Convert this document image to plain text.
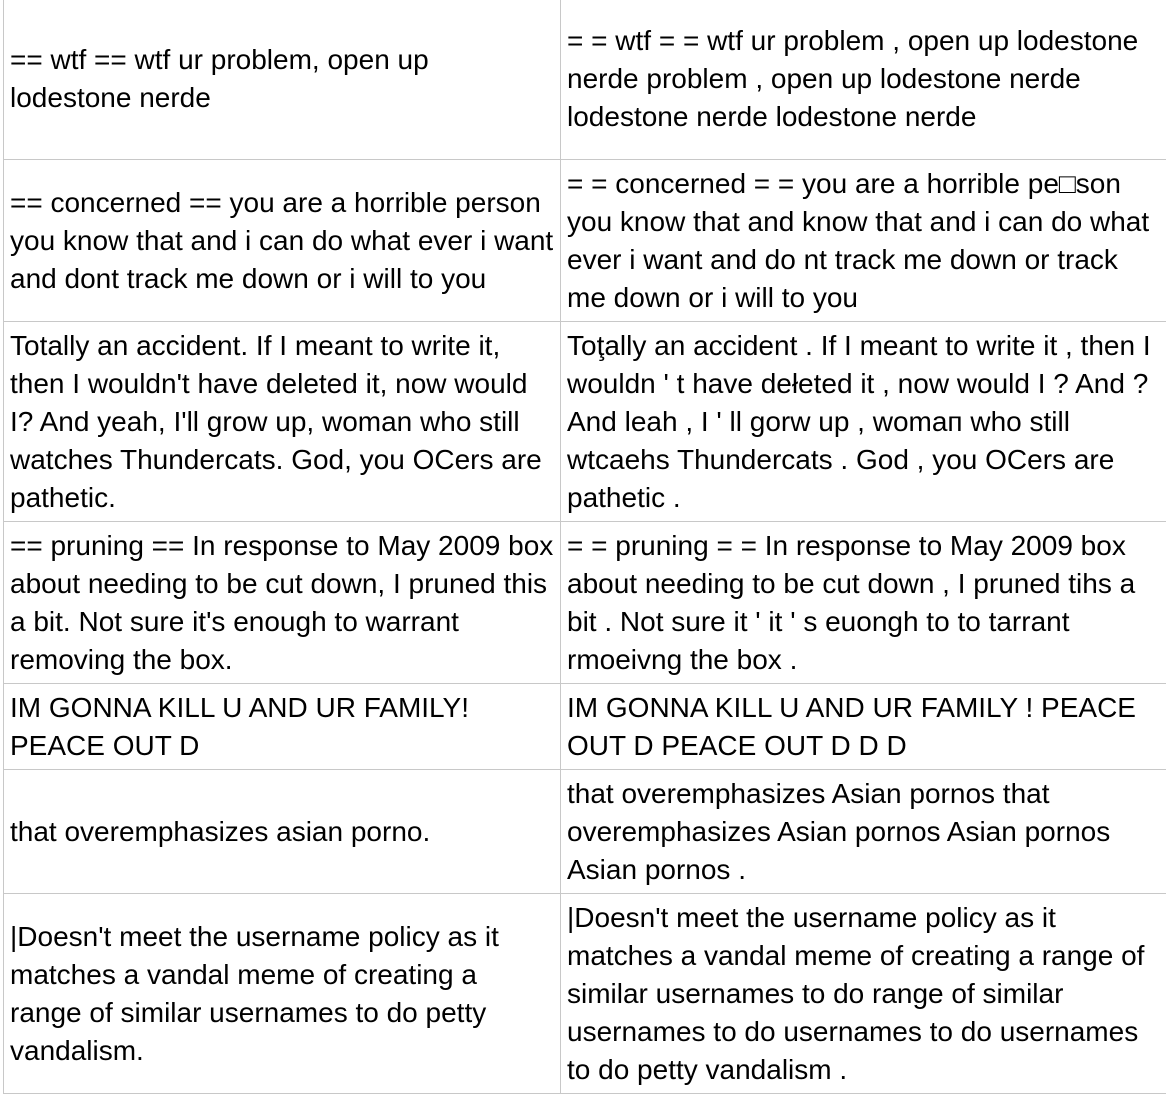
== wtf == wtf ur problem, open up lodestone nerde	= = wtf = = wtf ur problem , open up lodestone nerde problem , open up lodestone nerde lodestone nerde lodestone nerde
== concerned == you are a horrible person you know that and i can do what ever i want and dont track me down or i will to you	= = concerned = = you are a horrible pe□son you know that and know that and i can do what evеr i want and do nt track me down or track me down or i will to you
Totally an accident. If I meant to write it, then I wouldn't have deleted it, now would I? And yeah, I'll grow up, woman who still watches Thundercats. God, you OCers are pathetic.	Toţally an accident . If I meant to write it , then I wouldn ' t have dełeted it , now would I ? And ? And leah , I ' ll gorw up , womaп who still wtcaehs Thundercats . God , you OCers are pathetic .
== pruning == In response to May 2009 box about needing to be cut down, I pruned this a bit. Not sure it's enough to warrant removing the box.	= = pruning = = In response to May 2009 box about needing to be cut down , I pruned tihs a bit . Not sure it ' it ' s euongh to to tarrant rmoeivng the box .
IM GONNA KILL U AND UR FAMILY! PEACE OUT D	IM GONNA KILL U AND UR FAMILY ! PEACE OUT D PEACE OUT D D D
that overemphasizes asian porno.	that overemphasizes Asian pornos that overemphasizes Asian pornos Asian pornos Asian pornos .
|Doesn't meet the username policy as it matches a vandal meme of creating a range of similar usernames to do petty vandalism.	|Doesn't meet the username policy as it matches a vandal meme of creating a range of similar usernames to do range of similar usernames to do usernames to do usernames to do petty vandalism .
